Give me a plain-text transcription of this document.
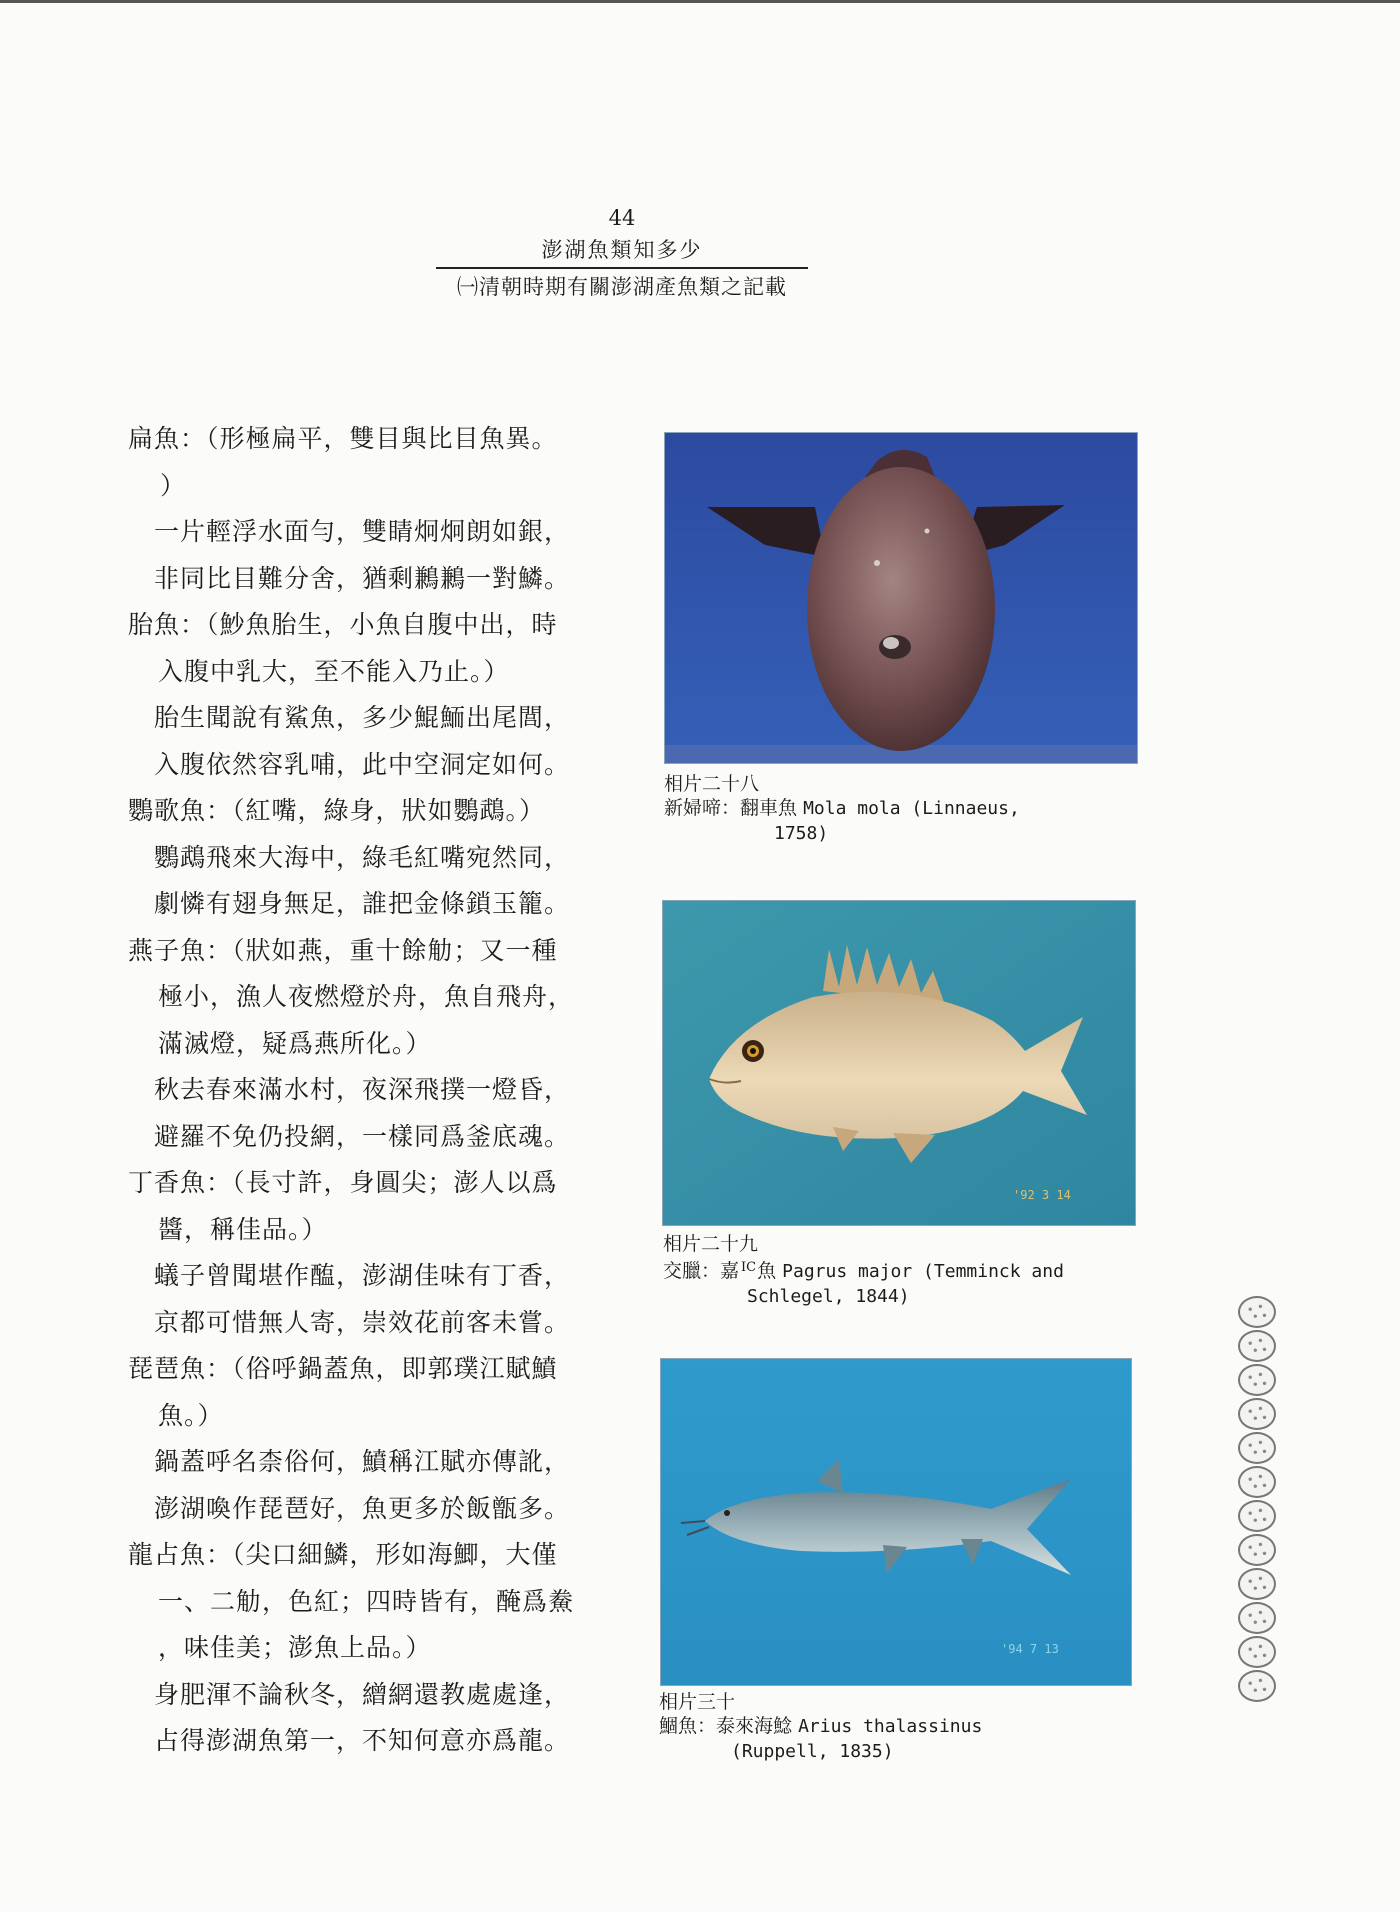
44
澎湖魚類知多少
㈠清朝時期有關澎湖產魚類之記載
扁魚：（形極扁平，雙目與比目魚異。
）
一片輕浮水面勻，雙睛炯炯朗如銀，
非同比目難分舍，猶剩鶼鶼一對鱗。
胎魚：（魦魚胎生，小魚自腹中出，時
入腹中乳大，至不能入乃止。）
胎生聞說有鯊魚，多少鯤鮞出尾閭，
入腹依然容乳哺，此中空洞定如何。
鸚歌魚：（紅嘴，綠身，狀如鸚鵡。）
鸚鵡飛來大海中，綠毛紅嘴宛然同，
劇憐有翅身無足，誰把金條鎖玉籠。
燕子魚：（狀如燕，重十餘觔；又一種
極小，漁人夜燃燈於舟，魚自飛舟，
滿滅燈，疑爲燕所化。）
秋去春來滿水村，夜深飛撲一燈昏，
避羅不免仍投網，一樣同爲釜底魂。
丁香魚：（長寸許，身圓尖；澎人以爲
醬，稱佳品。）
蟻子曾聞堪作醢，澎湖佳味有丁香，
京都可惜無人寄，崇效花前客未嘗。
琵琶魚：（俗呼鍋蓋魚，即郭璞江賦鱝
魚。）
鍋蓋呼名柰俗何，鱝稱江賦亦傳訛，
澎湖喚作琵琶好，魚更多於飯甑多。
龍占魚：（尖口細鱗，形如海鯽，大僅
一、二觔，色紅；四時皆有，醃爲鮝
，味佳美；澎魚上品。）
身肥渾不論秋冬，繒網還教處處逢，
占得澎湖魚第一，不知何意亦爲龍。
相片二十八
新婦啼：翻車魚 Mola mola (Linnaeus,
1758)
'92 3 14
相片二十九
交臘：嘉 $^{IC}$魚 Pagrus major (Temminck and
Schlegel, 1844)
'94 7 13
相片三十
鯝魚：泰來海鯰 Arius thalassinus
(Ruppell, 1835)
